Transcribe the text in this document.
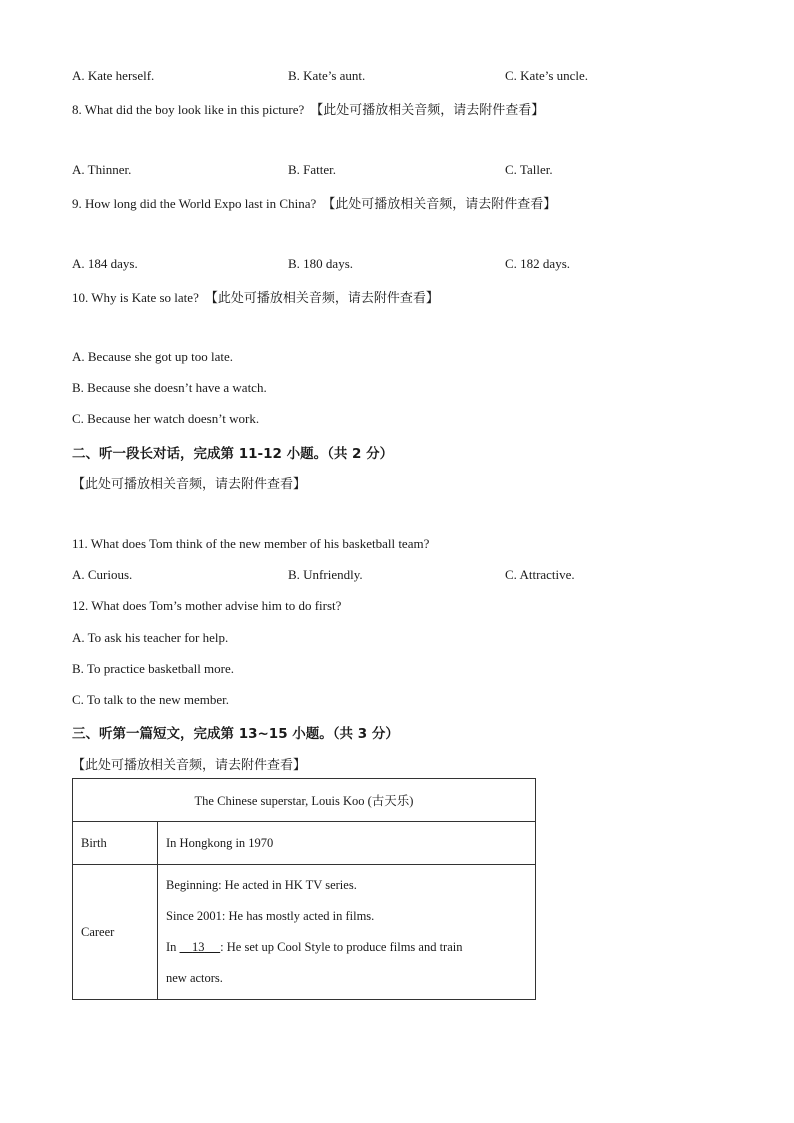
A. Kate herself.	B. Kate’s aunt.	C. Kate’s uncle.
8. What did the boy look like in this picture? 【此处可播放相关音频，请去附件查看】
A. Thinner.	B. Fatter.	C. Taller.
9. How long did the World Expo last in China? 【此处可播放相关音频，请去附件查看】
A. 184 days.	B. 180 days.	C. 182 days.
10. Why is Kate so late? 【此处可播放相关音频，请去附件查看】
A. Because she got up too late.
B. Because she doesn’t have a watch.
C. Because her watch doesn’t work.
二、听一段长对话，完成第 11-12 小题。（共 2 分）
【此处可播放相关音频，请去附件查看】
11. What does Tom think of the new member of his basketball team?
A. Curious.	B. Unfriendly.	C. Attractive.
12. What does Tom’s mother advise him to do first?
A. To ask his teacher for help.
B. To practice basketball more.
C. To talk to the new member.
三、听第一篇短文，完成第 13~15 小题。（共 3 分）
【此处可播放相关音频，请去附件查看】
The Chinese superstar, Louis Koo (古天乐)	
Birth	In Hongkong in 1970
Career	Beginning: He acted in HK TV series.
Since 2001: He has mostly acted in films.
In     13 : He set up Cool Style to produce films and train
new actors.
